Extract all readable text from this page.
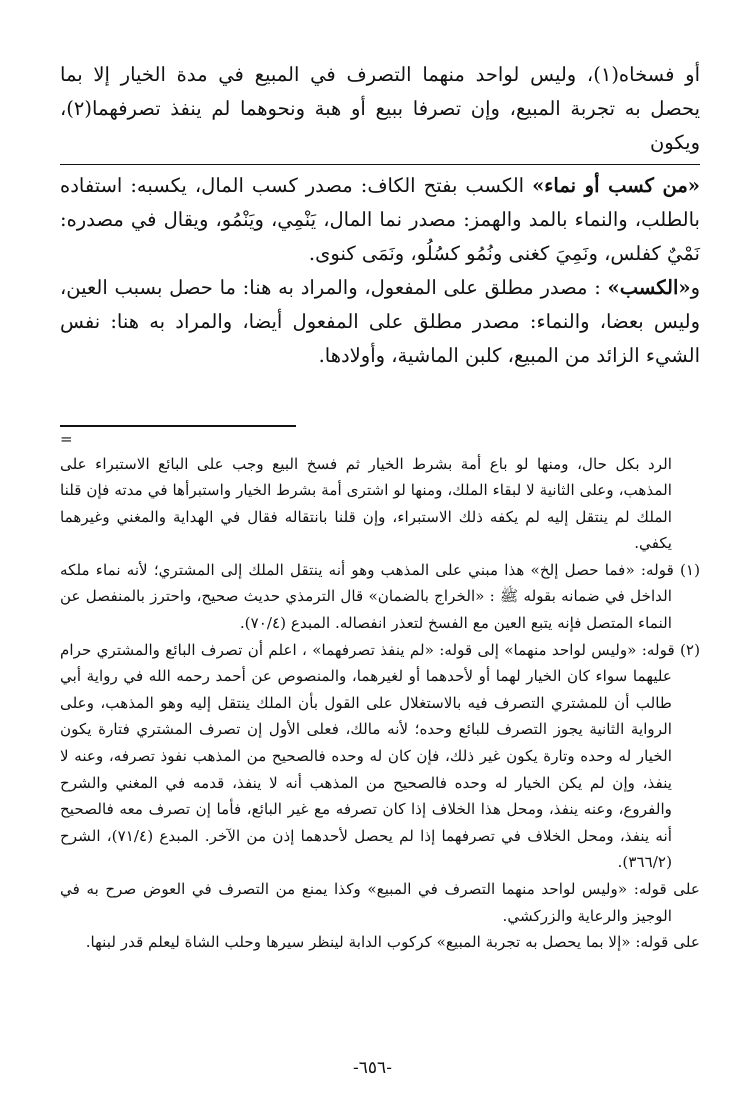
أو فسخاه(١)، وليس لواحد منهما التصرف في المبيع في مدة الخيار إلا بما يحصل به تجربة المبيع، وإن تصرفا ببيع أو هبة ونحوهما لم ينفذ تصرفهما(٢)، ويكون

«من كسب أو نماء» الكسب بفتح الكاف: مصدر كسب المال، يكسبه: استفاده بالطلب، والنماء بالمد والهمز: مصدر نما المال، يَنْمِي، ويَنْمُو، ويقال في مصدره: نَمْيٌ كفلس، ونَمِيَ كغنى ونُمُو كسُلُو، ونَمَى كنوى.

و«الكسب» : مصدر مطلق على المفعول، والمراد به هنا: ما حصل بسبب العين، وليس بعضا، والنماء: مصدر مطلق على المفعول أيضا، والمراد به هنا: نفس الشيء الزائد من المبيع، كلبن الماشية، وأولادها.

=

الرد بكل حال، ومنها لو باع أمة بشرط الخيار ثم فسخ البيع وجب على البائع الاستبراء على المذهب، وعلى الثانية لا لبقاء الملك، ومنها لو اشترى أمة بشرط الخيار واستبرأها في مدته فإن قلنا الملك لم ينتقل إليه لم يكفه ذلك الاستبراء، وإن قلنا بانتقاله فقال في الهداية والمغني وغيرهما يكفي.

(١) قوله: «فما حصل إلخ» هذا مبني على المذهب وهو أنه ينتقل الملك إلى المشتري؛ لأنه نماء ملكه الداخل في ضمانه بقوله ﷺ : «الخراج بالضمان» قال الترمذي حديث صحيح، واحترز بالمنفصل عن النماء المتصل فإنه يتبع العين مع الفسخ لتعذر انفصاله. المبدع (٧٠/٤).

(٢) قوله: «وليس لواحد منهما» إلى قوله: «لم ينفذ تصرفهما» ، اعلم أن تصرف البائع والمشتري حرام عليهما سواء كان الخيار لهما أو لأحدهما أو لغيرهما، والمنصوص عن أحمد رحمه الله في رواية أبي طالب أن للمشتري التصرف فيه بالاستغلال على القول بأن الملك ينتقل إليه وهو المذهب، وعلى الرواية الثانية يجوز التصرف للبائع وحده؛ لأنه مالك، فعلى الأول إن تصرف المشتري فتارة يكون الخيار له وحده وتارة يكون غير ذلك، فإن كان له وحده فالصحيح من المذهب نفوذ تصرفه، وعنه لا ينفذ، وإن لم يكن الخيار له وحده فالصحيح من المذهب أنه لا ينفذ، قدمه في المغني والشرح والفروع، وعنه ينفذ، ومحل هذا الخلاف إذا كان تصرفه مع غير البائع، فأما إن تصرف معه فالصحيح أنه ينفذ، ومحل الخلاف في تصرفهما إذا لم يحصل لأحدهما إذن من الآخر. المبدع (٧١/٤)، الشرح (٣٦٦/٢).

على قوله: «وليس لواحد منهما التصرف في المبيع» وكذا يمنع من التصرف في العوض صرح به في الوجيز والرعاية والزركشي.

على قوله: «إلا بما يحصل به تجربة المبيع» كركوب الدابة لينظر سيرها وحلب الشاة ليعلم قدر لبنها.

-٦٥٦-
